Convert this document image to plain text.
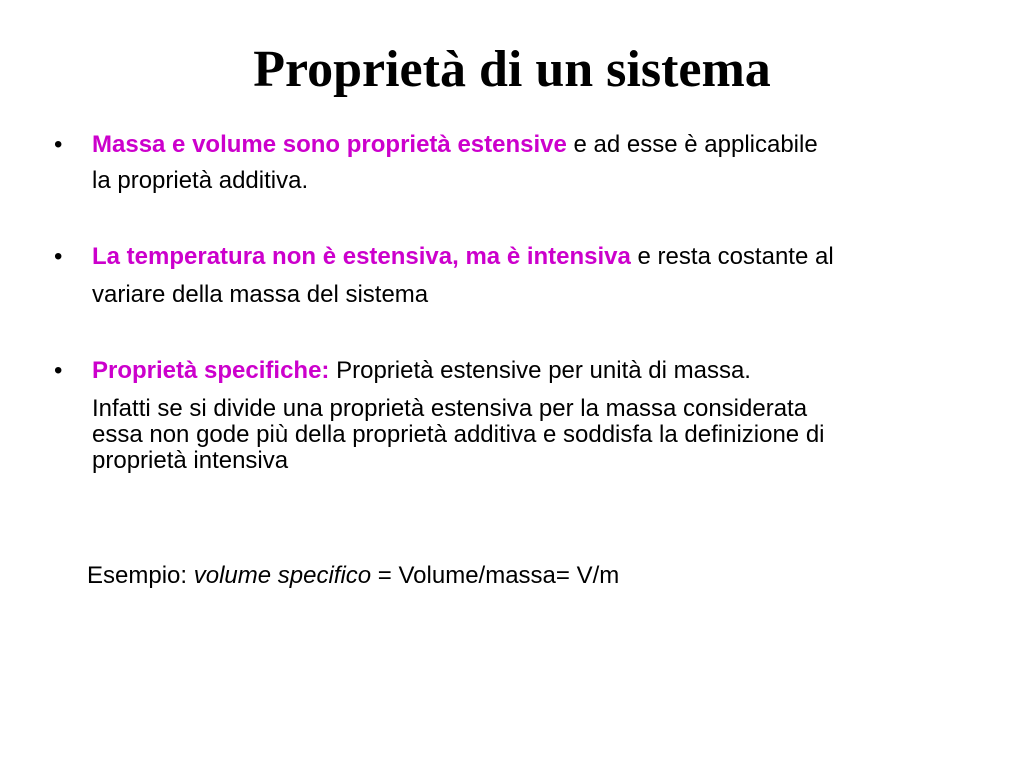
Proprietà di un sistema
•	Massa e volume sono proprietà estensive e ad esse è applicabile
la proprietà additiva.
•	La temperatura non è estensiva, ma è intensiva e resta costante al
variare della massa del sistema
•	Proprietà specifiche: Proprietà estensive per unità di massa.
Infatti se si divide una proprietà estensiva per la massa considerata
essa non gode più della proprietà additiva e soddisfa la definizione di
proprietà intensiva
Esempio: volume specifico = Volume/massa= V/m
